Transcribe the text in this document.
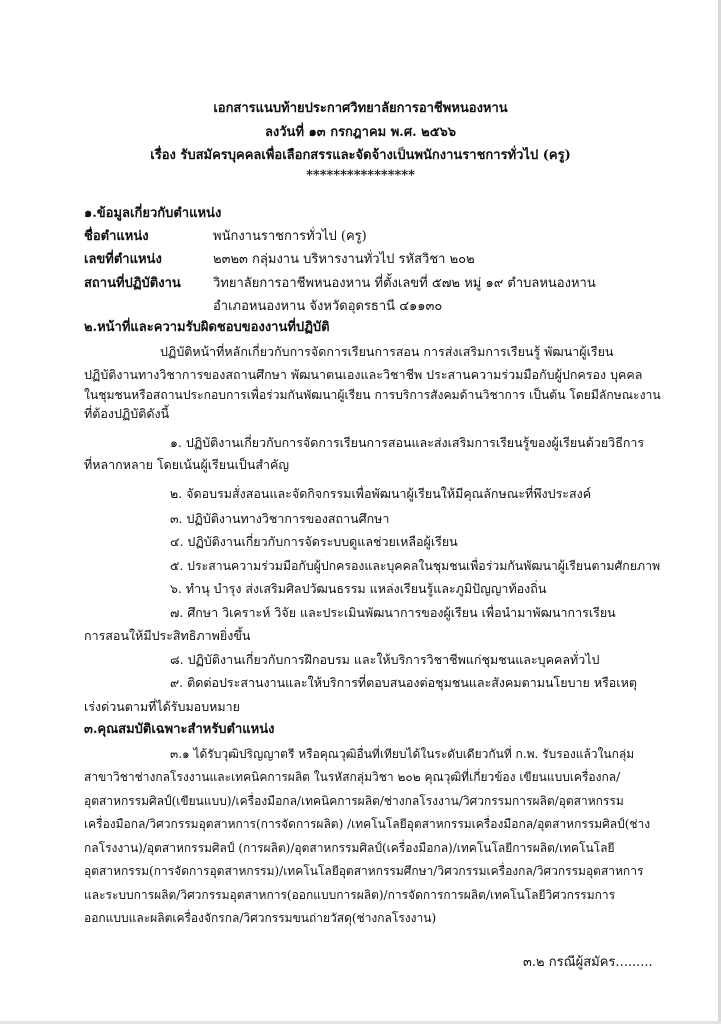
เอกสารแนบท้ายประกาศวิทยาลัยการอาชีพหนองหาน
ลงวันที่ ๑๓ กรกฎาคม พ.ศ. ๒๕๖๖
เรื่อง รับสมัครบุคคลเพื่อเลือกสรรและจัดจ้างเป็นพนักงานราชการทั่วไป (ครู)
****************
๑.ข้อมูลเกี่ยวกับตำแหน่ง
ชื่อตำแหน่ง	พนักงานราชการทั่วไป (ครู)
เลขที่ตำแหน่ง	๒๓๒๓ กลุ่มงาน บริหารงานทั่วไป รหัสวิชา ๒๐๒
สถานที่ปฏิบัติงาน วิทยาลัยการอาชีพหนองหาน ที่ตั้งเลขที่ ๕๗๒ หมู่ ๑๙ ตำบลหนองหาน
อำเภอหนองหาน จังหวัดอุดรธานี ๔๑๑๓๐
๒.หน้าที่และความรับผิดชอบของงานที่ปฏิบัติ
ปฏิบัติหน้าที่หลักเกี่ยวกับการจัดการเรียนการสอน การส่งเสริมการเรียนรู้ พัฒนาผู้เรียน
ปฏิบัติงานทางวิชาการของสถานศึกษา พัฒนาตนเองและวิชาชีพ ประสานความร่วมมือกับผู้ปกครอง บุคคล
ในชุมชนหรือสถานประกอบการเพื่อร่วมกันพัฒนาผู้เรียน การบริการสังคมด้านวิชาการ เป็นต้น โดยมีลักษณะงาน
ที่ต้องปฏิบัติดังนี้
๑. ปฏิบัติงานเกี่ยวกับการจัดการเรียนการสอนและส่งเสริมการเรียนรู้ของผู้เรียนด้วยวิธีการ
ที่หลากหลาย โดยเน้นผู้เรียนเป็นสำคัญ
๒. จัดอบรมสั่งสอนและจัดกิจกรรมเพื่อพัฒนาผู้เรียนให้มีคุณลักษณะที่พึงประสงค์
๓. ปฏิบัติงานทางวิชาการของสถานศึกษา
๔. ปฏิบัติงานเกี่ยวกับการจัดระบบดูแลช่วยเหลือผู้เรียน
๕. ประสานความร่วมมือกับผู้ปกครองและบุคคลในชุมชนเพื่อร่วมกันพัฒนาผู้เรียนตามศักยภาพ
๖. ทำนุ บำรุง ส่งเสริมศิลปวัฒนธรรม แหล่งเรียนรู้และภูมิปัญญาท้องถิ่น
๗. ศึกษา วิเคราะห์ วิจัย และประเมินพัฒนาการของผู้เรียน เพื่อนำมาพัฒนาการเรียน
การสอนให้มีประสิทธิภาพยิ่งขึ้น
๘. ปฏิบัติงานเกี่ยวกับการฝึกอบรม และให้บริการวิชาชีพแก่ชุมชนและบุคคลทั่วไป
๙. ติดต่อประสานงานและให้บริการที่ตอบสนองต่อชุมชนและสังคมตามนโยบาย หรือเหตุ
เร่งด่วนตามที่ได้รับมอบหมาย
๓.คุณสมบัติเฉพาะสำหรับตำแหน่ง
๓.๑ ได้รับวุฒิปริญญาตรี หรือคุณวุฒิอื่นที่เทียบได้ในระดับเดียวกันที่ ก.พ. รับรองแล้วในกลุ่ม
สาขาวิชาช่างกลโรงงานและเทคนิคการผลิต ในรหัสกลุ่มวิชา ๒๐๒ คุณวุฒิที่เกี่ยวข้อง เขียนแบบเครื่องกล/
อุตสาหกรรมศิลป์(เขียนแบบ)/เครื่องมือกล/เทคนิคการผลิต/ช่างกลโรงงาน/วิศวกรรมการผลิต/อุตสาหกรรม
เครื่องมือกล/วิศวกรรมอุตสาหการ(การจัดการผลิต) /เทคโนโลยีอุตสาหกรรมเครื่องมือกล/อุตสาหกรรมศิลป์(ช่าง
กลโรงงาน)/อุตสาหกรรมศิลป์ (การผลิต)/อุตสาหกรรมศิลป์(เครื่องมือกล)/เทคโนโลยีการผลิต/เทคโนโลยี
อุตสาหกรรม(การจัดการอุตสาหกรรม)/เทคโนโลยีอุตสาหกรรมศึกษา/วิศวกรรมเครื่องกล/วิศวกรรมอุตสาหการ
และระบบการผลิต/วิศวกรรมอุตสาหการ(ออกแบบการผลิต)/การจัดการการผลิต/เทคโนโลยีวิศวกรรมการ
ออกแบบและผลิตเครื่องจักรกล/วิศวกรรมขนถ่ายวัสดุ(ช่างกลโรงงาน)
๓.๒ กรณีผู้สมัคร.........
